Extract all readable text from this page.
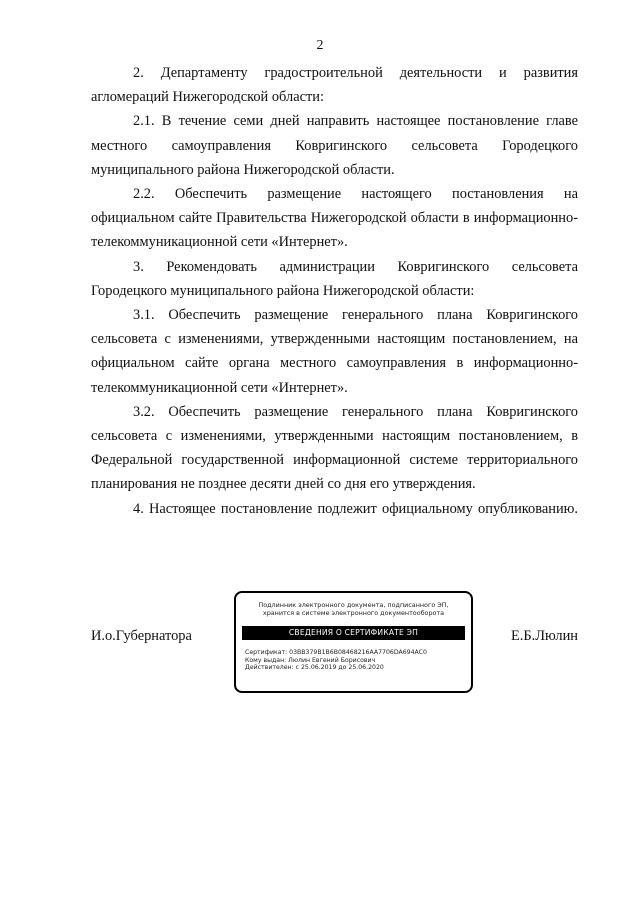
2

2. Департаменту градостроительной деятельности и развития агломераций Нижегородской области:

2.1. В течение семи дней направить настоящее постановление главе местного самоуправления Ковригинского сельсовета Городецкого муниципального района Нижегородской области.

2.2. Обеспечить размещение настоящего постановления на официальном сайте Правительства Нижегородской области в информационно-телекоммуникационной сети «Интернет».

3. Рекомендовать администрации Ковригинского сельсовета Городецкого муниципального района Нижегородской области:

3.1. Обеспечить размещение генерального плана Ковригинского сельсовета с изменениями, утвержденными настоящим постановлением, на официальном сайте органа местного самоуправления в информационно-телекоммуникационной сети «Интернет».

3.2. Обеспечить размещение генерального плана Ковригинского сельсовета с изменениями, утвержденными настоящим постановлением, в Федеральной государственной информационной системе территориального планирования не позднее десяти дней со дня его утверждения.

4. Настоящее постановление подлежит официальному опубликованию.

И.о.Губернатора
Подлинник электронного документа, подписанного ЭП,
хранится в системе электронного документооборота
СВЕДЕНИЯ О СЕРТИФИКАТЕ ЭП
Сертификат: 03BB379B1B6B08468216AA7706DA694AC0
Кому выдан: Люлин Евгений Борисович
Действителен: с 25.06.2019 до 25.06.2020
Е.Б.Люлин
